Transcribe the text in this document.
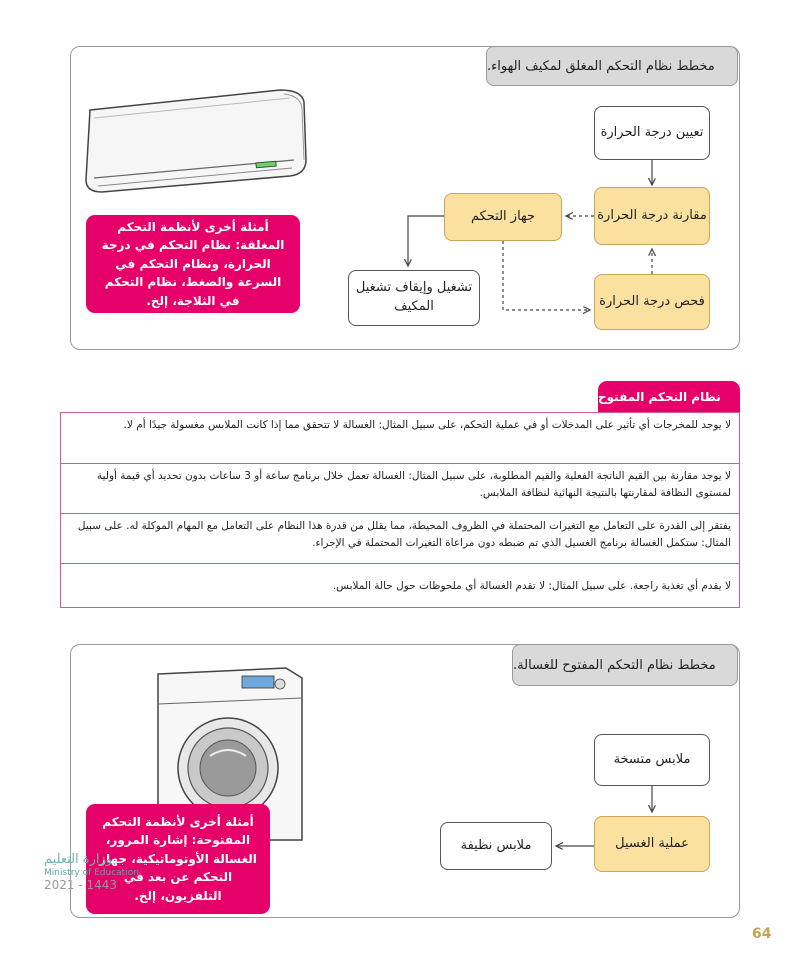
مخطط نظام التحكم المغلق لمكيف الهواء.
أمثلة أخرى لأنظمة التحكم المغلقة: نظام التحكم في درجة الحرارة، ونظام التحكم في السرعة والضغط، نظام التحكم في الثلاجة، إلخ.
تعيين درجة الحرارة
مقارنة درجة الحرارة
جهاز التحكم
فحص درجة الحرارة
تشغيل وإيقاف تشغيل المكيف
نظام التحكم المفتوح
لا يوجد للمخرجات أي تأثير على المدخلات أو في عملية التحكم، على سبيل المثال: الغسالة لا تتحقق مما إذا كانت الملابس مغسولة جيدًا أم لا.
لا يوجد مقارنة بين القيم الناتجة الفعلية والقيم المطلوبة، على سبيل المثال: الغسالة تعمل خلال برنامج ساعة أو 3 ساعات بدون تحديد أي قيمة أولية لمستوى النظافة لمقارنتها بالنتيجة النهائية لنظافة الملابس.
يفتقر إلى القدرة على التعامل مع التغيرات المحتملة في الظروف المحيطة، مما يقلل من قدرة هذا النظام على التعامل مع المهام الموكلة له. على سبيل المثال: ستكمل الغسالة برنامج الغسيل الذي تم ضبطه دون مراعاة التغيرات المحتملة في الإجراء.
لا يقدم أي تغذية راجعة. على سبيل المثال: لا تقدم الغسالة أي ملحوظات حول حالة الملابس.
مخطط نظام التحكم المفتوح للغسالة.
أمثلة أخرى لأنظمة التحكم المفتوحة: إشارة المرور، الغسالة الأوتوماتيكية، جهاز التحكم عن بعد في التلفزيون، إلخ.
ملابس متسخة
عملية الغسيل
ملابس نظيفة
وزارة التعليم
Ministry of Education
2021 - 1443
64
